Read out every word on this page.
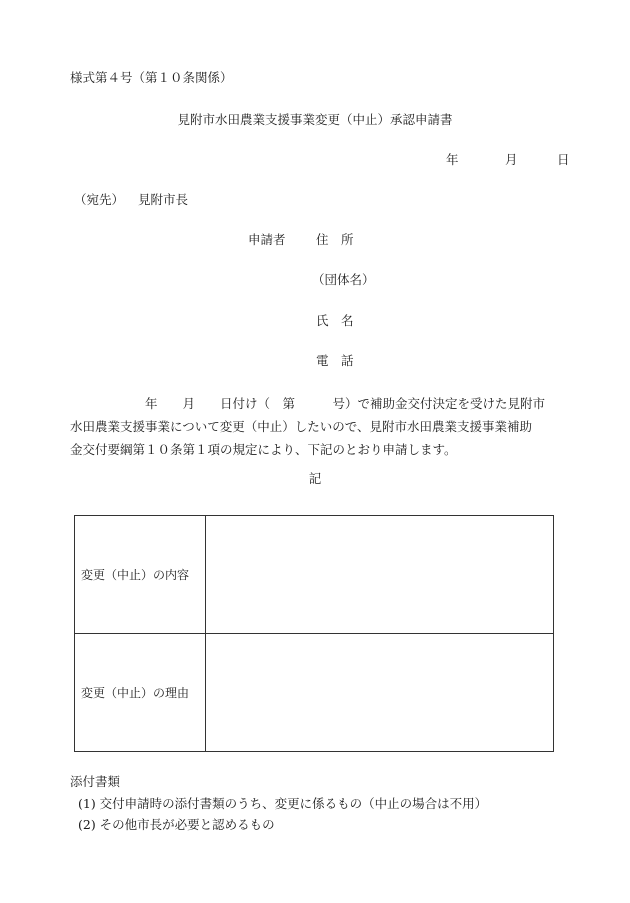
様式第４号（第１０条関係）
見附市水田農業支援事業変更（中止）承認申請書
年	月	日
（宛先） 見附市長
申請者 住　所
（団体名）
氏　名
電　話
　　　　　　年　　月　　日付け（　第　　　号）で補助金交付決定を受けた見附市
水田農業支援事業について変更（中止）したいので、見附市水田農業支援事業補助
金交付要綱第１０条第１項の規定により、下記のとおり申請します。
記
変更（中止）の内容	
変更（中止）の理由	
添付書類
(1) 交付申請時の添付書類のうち、変更に係るもの（中止の場合は不用）
(2) その他市長が必要と認めるもの
